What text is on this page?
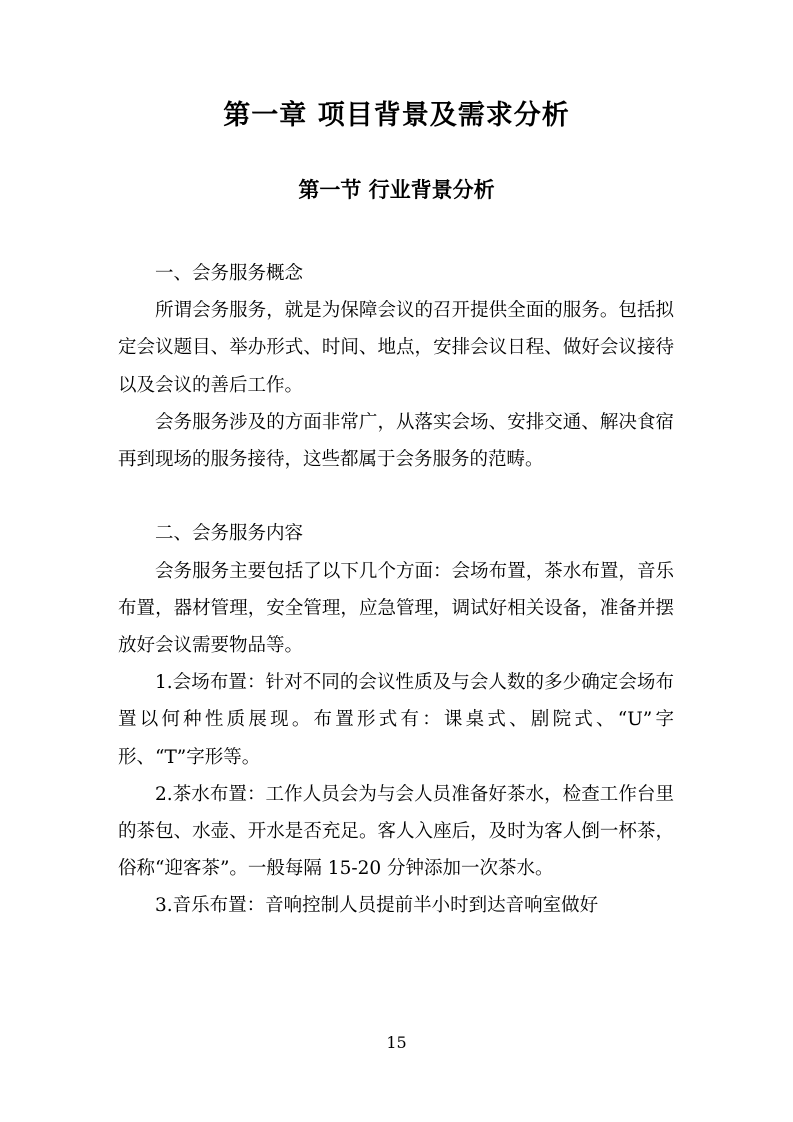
第一章 项目背景及需求分析
第一节 行业背景分析

一、会务服务概念

所谓会务服务，就是为保障会议的召开提供全面的服务。包括拟定会议题目、举办形式、时间、地点，安排会议日程、做好会议接待以及会议的善后工作。

会务服务涉及的方面非常广，从落实会场、安排交通、解决食宿再到现场的服务接待，这些都属于会务服务的范畴。

二、会务服务内容

会务服务主要包括了以下几个方面：会场布置，茶水布置，音乐布置，器材管理，安全管理，应急管理，调试好相关设备，准备并摆放好会议需要物品等。

1.会场布置：针对不同的会议性质及与会人数的多少确定会场布置以何种性质展现。布置形式有：课桌式、剧院式、“U”字形、“T”字形等。

2.茶水布置：工作人员会为与会人员准备好茶水，检查工作台里的茶包、水壶、开水是否充足。客人入座后，及时为客人倒一杯茶，俗称“迎客茶”。一般每隔 15-20 分钟添加一次茶水。

3.音乐布置：音响控制人员提前半小时到达音响室做好

15
